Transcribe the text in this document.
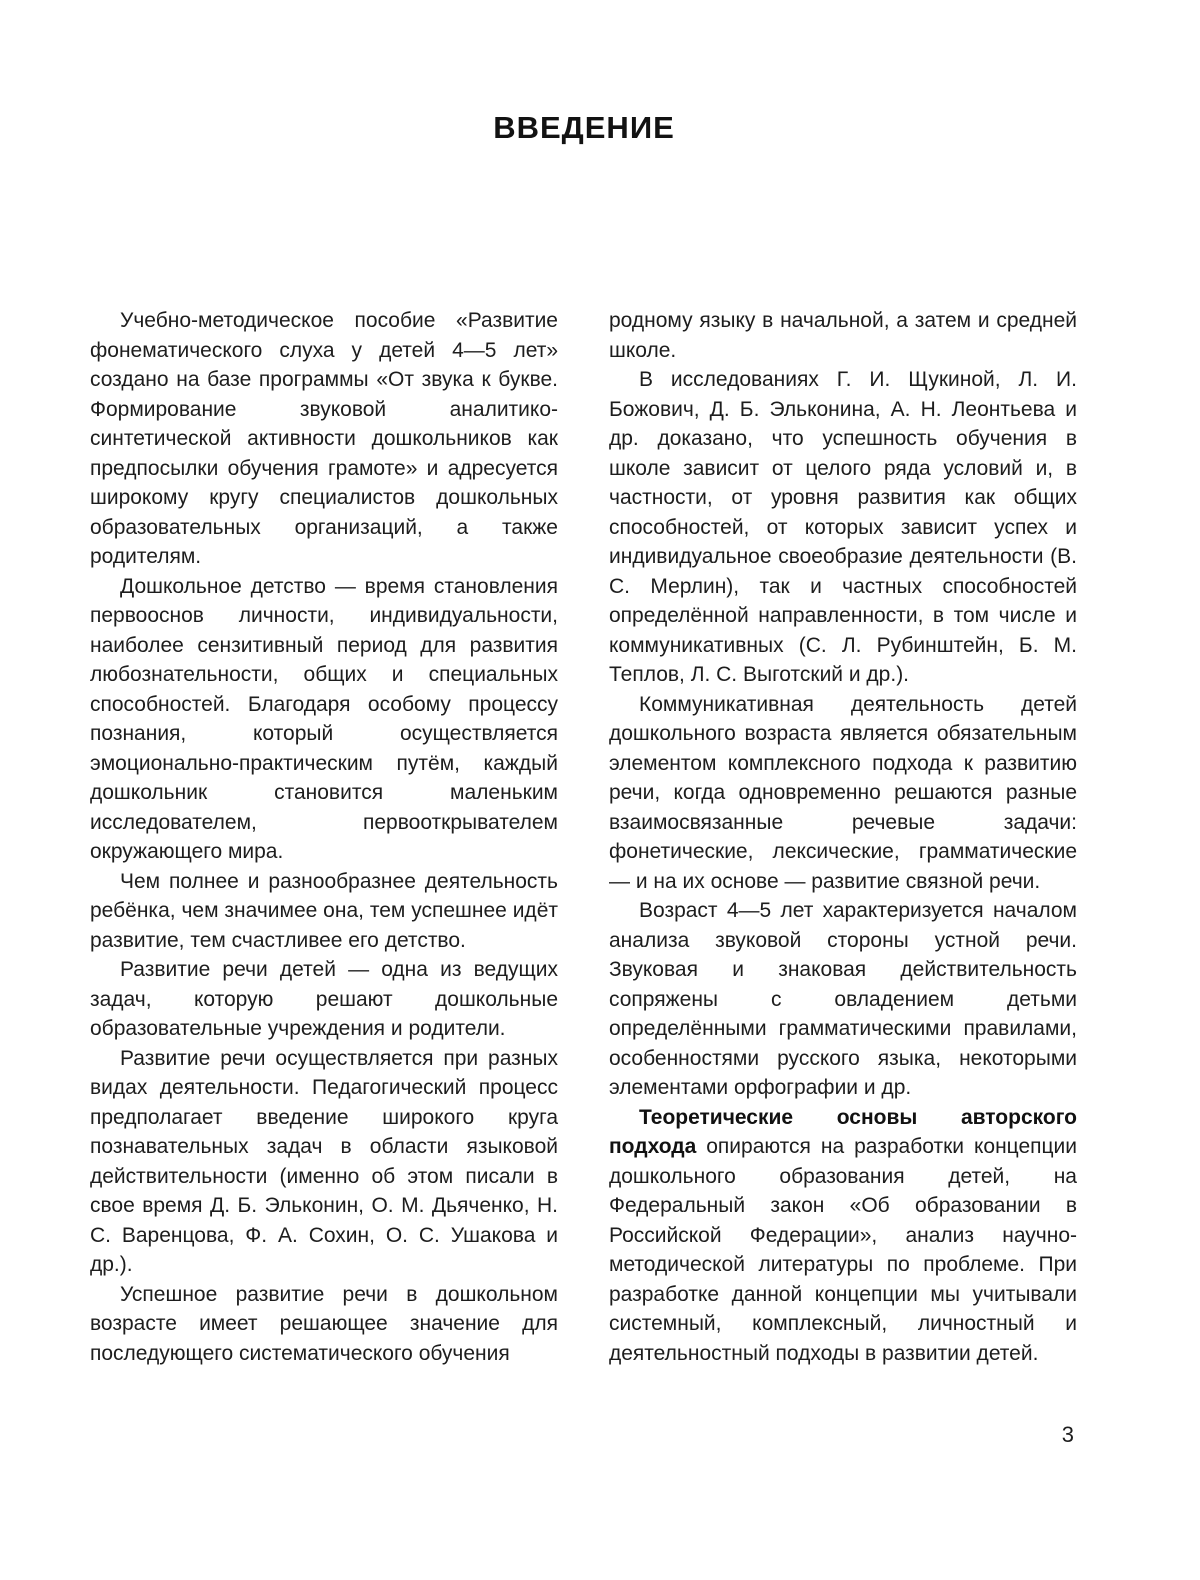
ВВЕДЕНИЕ

Учебно-методическое пособие «Развитие фонематического слуха у детей 4—5 лет» создано на базе программы «От звука к букве. Формирование звуковой аналитико-синтетической активности дошкольников как предпосылки обучения грамоте» и адресуется широкому кругу специалистов дошкольных образовательных организаций, а также родителям.

Дошкольное детство — время становления первооснов личности, индивидуальности, наиболее сензитивный период для развития любознательности, общих и специальных способностей. Благодаря особому процессу познания, который осуществляется эмоционально-практическим путём, каждый дошкольник становится маленьким исследователем, первооткрывателем окружающего мира.

Чем полнее и разнообразнее деятельность ребёнка, чем значимее она, тем успешнее идёт развитие, тем счастливее его детство.

Развитие речи детей — одна из ведущих задач, которую решают дошкольные образовательные учреждения и родители.

Развитие речи осуществляется при разных видах деятельности. Педагогический процесс предполагает введение широкого круга познавательных задач в области языковой действительности (именно об этом писали в свое время Д. Б. Эльконин, О. М. Дьяченко, Н. С. Варенцова, Ф. А. Сохин, О. С. Ушакова и др.).

Успешное развитие речи в дошкольном возрасте имеет решающее значение для последующего систематического обучения

родному языку в начальной, а затем и средней школе.

В исследованиях Г. И. Щукиной, Л. И. Божович, Д. Б. Эльконина, А. Н. Леонтьева и др. доказано, что успешность обучения в школе зависит от целого ряда условий и, в частности, от уровня развития как общих способностей, от которых зависит успех и индивидуальное своеобразие деятельности (В. С. Мерлин), так и частных способностей определённой направленности, в том числе и коммуникативных (С. Л. Рубинштейн, Б. М. Теплов, Л. С. Выготский и др.).

Коммуникативная деятельность детей дошкольного возраста является обязательным элементом комплексного подхода к развитию речи, когда одновременно решаются разные взаимосвязанные речевые задачи: фонетические, лексические, грамматические — и на их основе — развитие связной речи.

Возраст 4—5 лет характеризуется началом анализа звуковой стороны устной речи. Звуковая и знаковая действительность сопряжены с овладением детьми определёнными грамматическими правилами, особенностями русского языка, некоторыми элементами орфографии и др.

Теоретические основы авторского подхода опираются на разработки концепции дошкольного образования детей, на Федеральный закон «Об образовании в Российской Федерации», анализ научно-методической литературы по проблеме. При разработке данной концепции мы учитывали системный, комплексный, личностный и деятельностный подходы в развитии детей.

3
